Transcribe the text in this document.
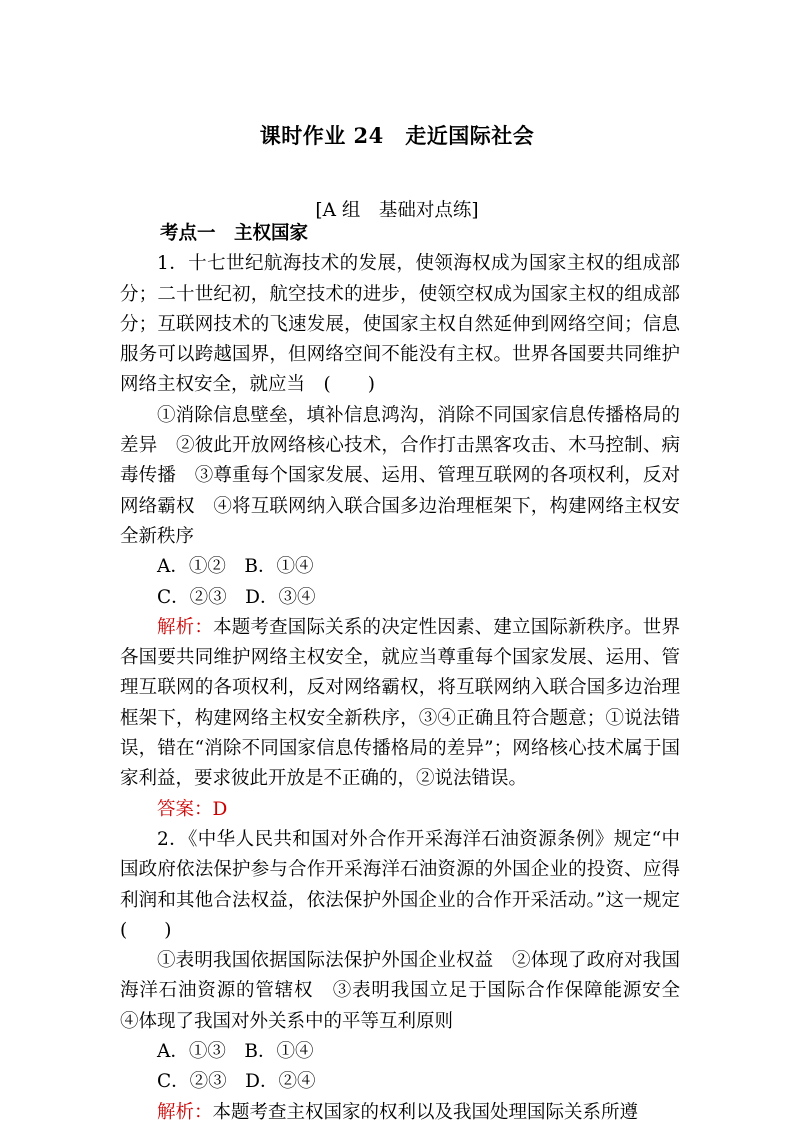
课时作业 24　走近国际社会
[A 组　基础对点练]

考点一　主权国家

1．十七世纪航海技术的发展，使领海权成为国家主权的组成部分；二十世纪初，航空技术的进步，使领空权成为国家主权的组成部分；互联网技术的飞速发展，使国家主权自然延伸到网络空间；信息服务可以跨越国界，但网络空间不能没有主权。世界各国要共同维护网络主权安全，就应当　(　　)

①消除信息壁垒，填补信息鸿沟，消除不同国家信息传播格局的差异　②彼此开放网络核心技术，合作打击黑客攻击、木马控制、病毒传播　③尊重每个国家发展、运用、管理互联网的各项权利，反对网络霸权　④将互联网纳入联合国多边治理框架下，构建网络主权安全新秩序

A．①②　B．①④

C．②③　D．③④

解析：本题考查国际关系的决定性因素、建立国际新秩序。世界各国要共同维护网络主权安全，就应当尊重每个国家发展、运用、管理互联网的各项权利，反对网络霸权，将互联网纳入联合国多边治理框架下，构建网络主权安全新秩序，③④正确且符合题意；①说法错误，错在“消除不同国家信息传播格局的差异”；网络核心技术属于国家利益，要求彼此开放是不正确的，②说法错误。

答案：D

2．《中华人民共和国对外合作开采海洋石油资源条例》规定“中国政府依法保护参与合作开采海洋石油资源的外国企业的投资、应得利润和其他合法权益，依法保护外国企业的合作开采活动。”这一规定(　　)

①表明我国依据国际法保护外国企业权益　②体现了政府对我国海洋石油资源的管辖权　③表明我国立足于国际合作保障能源安全　④体现了我国对外关系中的平等互利原则

A．①③　B．①④

C．②③　D．②④

解析：本题考查主权国家的权利以及我国处理国际关系所遵
